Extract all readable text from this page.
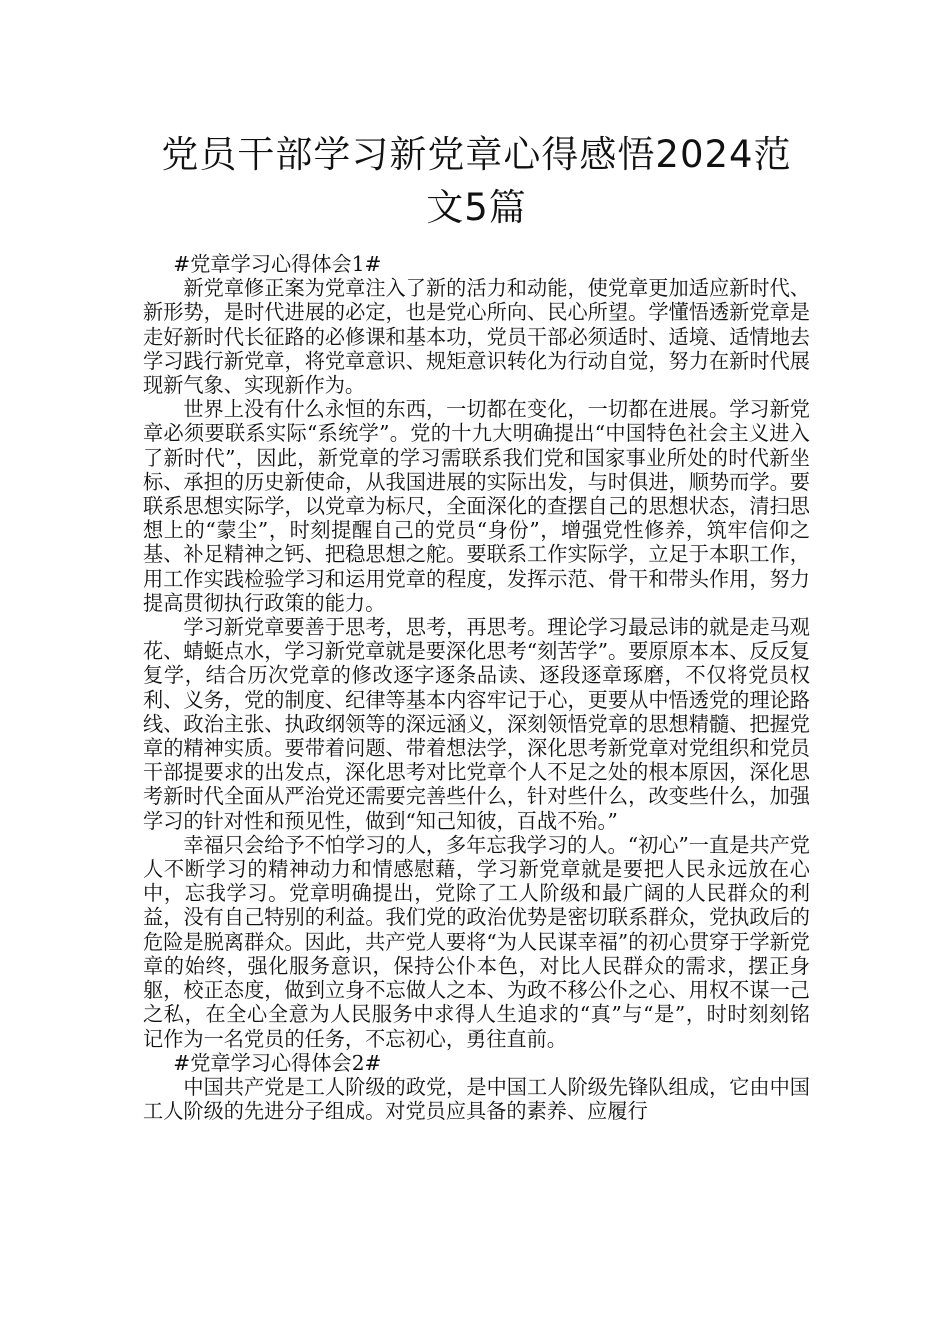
党员干部学习新党章心得感悟2024范
文5篇

#党章学习心得体会1#

新党章修正案为党章注入了新的活力和动能，使党章更加适应新时代、新形势，是时代进展的必定，也是党心所向、民心所望。学懂悟透新党章是走好新时代长征路的必修课和基本功，党员干部必须适时、适境、适情地去学习践行新党章，将党章意识、规矩意识转化为行动自觉，努力在新时代展现新气象、实现新作为。

世界上没有什么永恒的东西，一切都在变化，一切都在进展。学习新党章必须要联系实际“系统学”。党的十九大明确提出“中国特色社会主义进入了新时代”，因此，新党章的学习需联系我们党和国家事业所处的时代新坐标、承担的历史新使命，从我国进展的实际出发，与时俱进，顺势而学。要联系思想实际学，以党章为标尺，全面深化的查摆自己的思想状态，清扫思想上的“蒙尘”，时刻提醒自己的党员“身份”，增强党性修养，筑牢信仰之基、补足精神之钙、把稳思想之舵。要联系工作实际学，立足于本职工作，用工作实践检验学习和运用党章的程度，发挥示范、骨干和带头作用，努力提高贯彻执行政策的能力。

学习新党章要善于思考，思考，再思考。理论学习最忌讳的就是走马观花、蜻蜓点水，学习新党章就是要深化思考“刻苦学”。要原原本本、反反复复学，结合历次党章的修改逐字逐条品读、逐段逐章琢磨，不仅将党员权利、义务，党的制度、纪律等基本内容牢记于心，更要从中悟透党的理论路线、政治主张、执政纲领等的深远涵义，深刻领悟党章的思想精髓、把握党章的精神实质。要带着问题、带着想法学，深化思考新党章对党组织和党员干部提要求的出发点，深化思考对比党章个人不足之处的根本原因，深化思考新时代全面从严治党还需要完善些什么，针对些什么，改变些什么，加强学习的针对性和预见性，做到“知己知彼，百战不殆。”

幸福只会给予不怕学习的人，多年忘我学习的人。“初心”一直是共产党人不断学习的精神动力和情感慰藉，学习新党章就是要把人民永远放在心中，忘我学习。党章明确提出，党除了工人阶级和最广阔的人民群众的利益，没有自己特别的利益。我们党的政治优势是密切联系群众，党执政后的危险是脱离群众。因此，共产党人要将“为人民谋幸福”的初心贯穿于学新党章的始终，强化服务意识，保持公仆本色，对比人民群众的需求，摆正身躯，校正态度，做到立身不忘做人之本、为政不移公仆之心、用权不谋一己之私，在全心全意为人民服务中求得人生追求的“真”与“是”，时时刻刻铭记作为一名党员的任务，不忘初心，勇往直前。

#党章学习心得体会2#

中国共产党是工人阶级的政党，是中国工人阶级先锋队组成，它由中国工人阶级的先进分子组成。对党员应具备的素养、应履行
